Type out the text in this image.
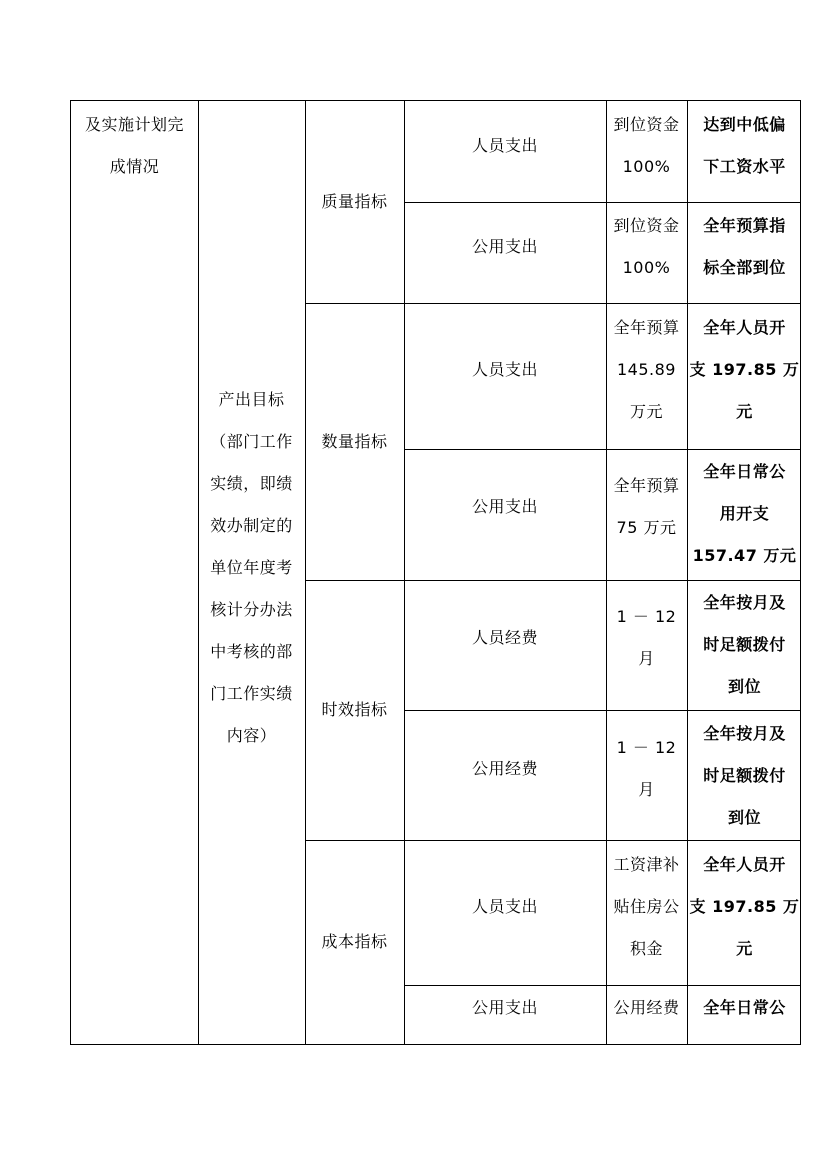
及实施计划完
成情况
产出目标
（部门工作
实绩，即绩
效办制定的
单位年度考
核计分办法
中考核的部
门工作实绩
内容）
质量指标
人员支出
到位资金
100%
达到中低偏
下工资水平
公用支出
到位资金
100%
全年预算指
标全部到位
数量指标
人员支出
全年预算
145.89
万元
全年人员开
支 197.85 万
元
公用支出
全年预算
75 万元
全年日常公
用开支
157.47 万元
时效指标
人员经费
1 － 12
月
全年按月及
时足额拨付
到位
公用经费
1 － 12
月
全年按月及
时足额拨付
到位
成本指标
人员支出
工资津补
贴住房公
积金
全年人员开
支 197.85 万
元
公用支出	公用经费	全年日常公
